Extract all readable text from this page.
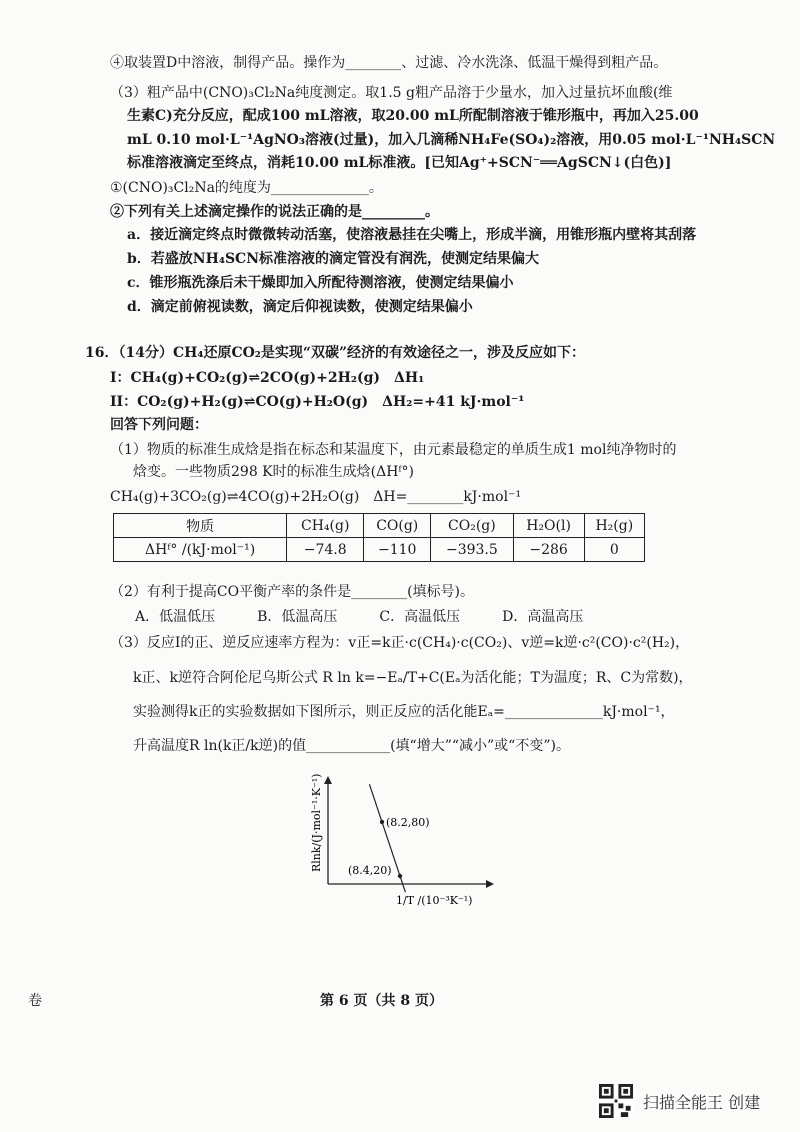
④取装置D中溶液，制得产品。操作为________、过滤、冷水洗涤、低温干燥得到粗产品。
（3）粗产品中(CNO)₃Cl₂Na纯度测定。取1.5 g粗产品溶于少量水，加入过量抗坏血酸(维
生素C)充分反应，配成100 mL溶液，取20.00 mL所配制溶液于锥形瓶中，再加入25.00
mL 0.10 mol·L⁻¹AgNO₃溶液(过量)，加入几滴稀NH₄Fe(SO₄)₂溶液，用0.05 mol·L⁻¹NH₄SCN
标准溶液滴定至终点，消耗10.00 mL标准液。[已知Ag⁺+SCN⁻══AgSCN↓(白色)]
①(CNO)₃Cl₂Na的纯度为______________。
②下列有关上述滴定操作的说法正确的是_________。
a．接近滴定终点时微微转动活塞，使溶液悬挂在尖嘴上，形成半滴，用锥形瓶内壁将其刮落
b．若盛放NH₄SCN标准溶液的滴定管没有润洗，使测定结果偏大
c．锥形瓶洗涤后未干燥即加入所配待测溶液，使测定结果偏小
d．滴定前俯视读数，滴定后仰视读数，使测定结果偏小
16．（14分）CH₄还原CO₂是实现“双碳”经济的有效途径之一，涉及反应如下：
I：CH₄(g)+CO₂(g)⇌2CO(g)+2H₂(g)　ΔH₁
II：CO₂(g)+H₂(g)⇌CO(g)+H₂O(g)　ΔH₂=+41 kJ·mol⁻¹
回答下列问题：
（1）物质的标准生成焓是指在标态和某温度下，由元素最稳定的单质生成1 mol纯净物时的
焓变。一些物质298 K时的标准生成焓(ΔHᶠ°)
CH₄(g)+3CO₂(g)⇌4CO(g)+2H₂O(g)　ΔH=________kJ·mol⁻¹
物质	CH₄(g)	CO(g)	CO₂(g)	H₂O(l)	H₂(g)
ΔHᶠ° /(kJ·mol⁻¹)	−74.8	−110	−393.5	−286	0
（2）有利于提高CO平衡产率的条件是________(填标号)。
A．低温低压　　　B．低温高压　　　C．高温低压　　　D．高温高压
（3）反应I的正、逆反应速率方程为：v正=k正·c(CH₄)·c(CO₂)、v逆=k逆·c²(CO)·c²(H₂)，
k正、k逆符合阿伦尼乌斯公式 R ln k=−Eₐ/T+C(Eₐ为活化能；T为温度；R、C为常数)，
实验测得k正的实验数据如下图所示，则正反应的活化能Eₐ=______________kJ·mol⁻¹，
升高温度R ln(k正/k逆)的值____________(填“增大”“减小”或“不变”)。
Rlnk/(J·mol⁻¹·K⁻¹)
1/T /(10⁻³K⁻¹)
(8.2,80)
(8.4,20)
卷	第 6 页（共 8 页）
扫描全能王 创建
